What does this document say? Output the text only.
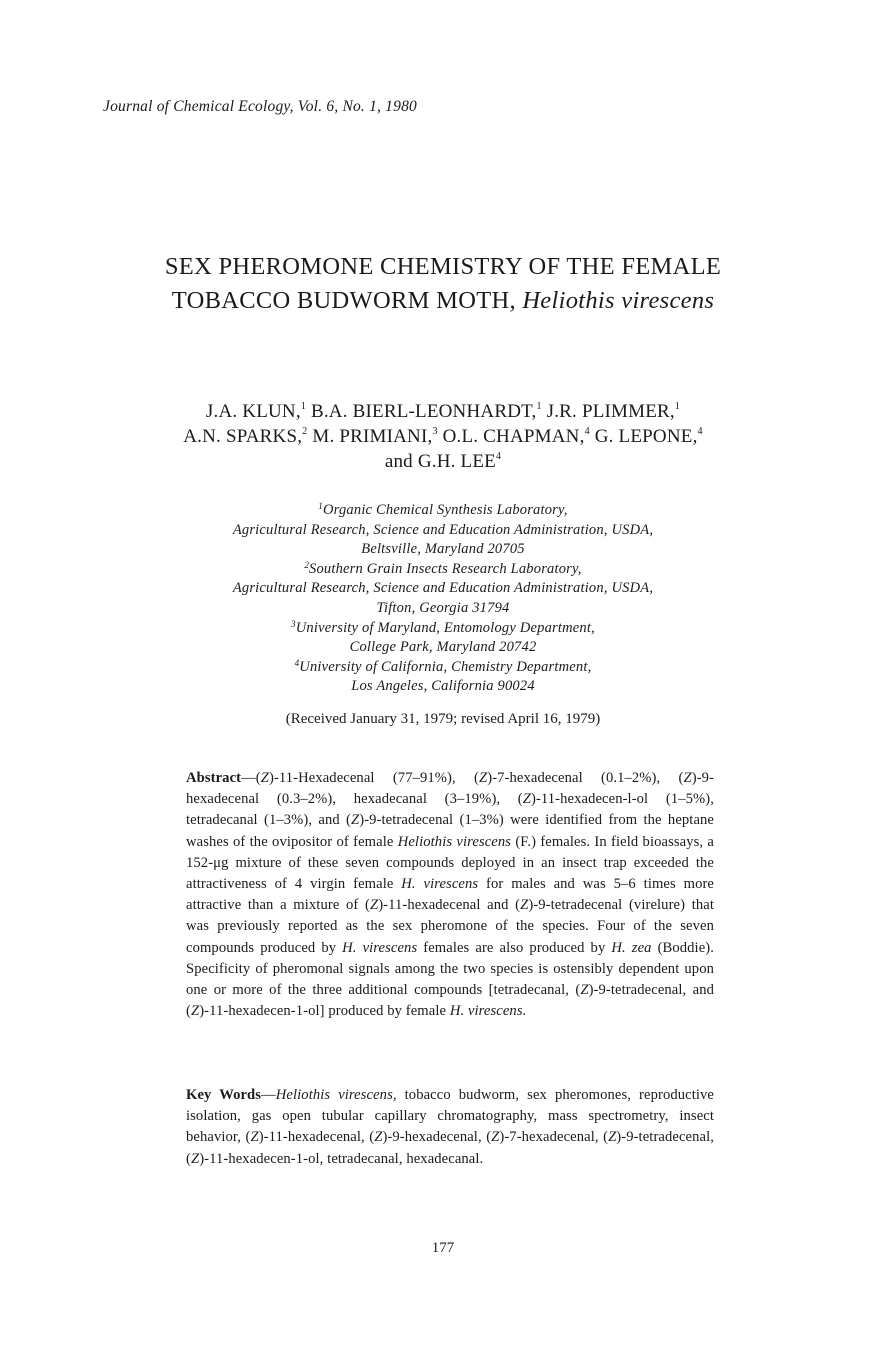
Journal of Chemical Ecology, Vol. 6, No. 1, 1980
SEX PHEROMONE CHEMISTRY OF THE FEMALE
TOBACCO BUDWORM MOTH, Heliothis virescens
J.A. KLUN,$^1$ B.A. BIERL-LEONHARDT,$^1$ J.R. PLIMMER,$^1$
A.N. SPARKS,$^2$ M. PRIMIANI,$^3$ O.L. CHAPMAN,$^4$ G. LEPONE,$^4$
and G.H. LEE$^4$
$^1$Organic Chemical Synthesis Laboratory,
Agricultural Research, Science and Education Administration, USDA,
Beltsville, Maryland 20705
$^2$Southern Grain Insects Research Laboratory,
Agricultural Research, Science and Education Administration, USDA,
Tifton, Georgia 31794
$^3$University of Maryland, Entomology Department,
College Park, Maryland 20742
$^4$University of California, Chemistry Department,
Los Angeles, California 90024
(Received January 31, 1979; revised April 16, 1979)
Abstract—(Z)-11-Hexadecenal (77–91%), (Z)-7-hexadecenal (0.1–2%), (Z)-9-hexadecenal (0.3–2%), hexadecanal (3–19%), (Z)-11-hexadecen-l-ol (1–5%), tetradecanal (1–3%), and (Z)-9-tetradecenal (1–3%) were identified from the heptane washes of the ovipositor of female Heliothis virescens (F.) females. In field bioassays, a 152-μg mixture of these seven compounds deployed in an insect trap exceeded the attractiveness of 4 virgin female H. virescens for males and was 5–6 times more attractive than a mixture of (Z)-11-hexadecenal and (Z)-9-tetradecenal (virelure) that was previously reported as the sex pheromone of the species. Four of the seven compounds produced by H. virescens females are also produced by H. zea (Boddie). Specificity of pheromonal signals among the two species is ostensibly dependent upon one or more of the three additional compounds [tetradecanal, (Z)-9-tetradecenal, and (Z)-11-hexadecen-1-ol] produced by female H. virescens.
Key Words—Heliothis virescens, tobacco budworm, sex pheromones, reproductive isolation, gas open tubular capillary chromatography, mass spectrometry, insect behavior, (Z)-11-hexadecenal, (Z)-9-hexadecenal, (Z)-7-hexadecenal, (Z)-9-tetradecenal, (Z)-11-hexadecen-1-ol, tetradecanal, hexadecanal.
177
